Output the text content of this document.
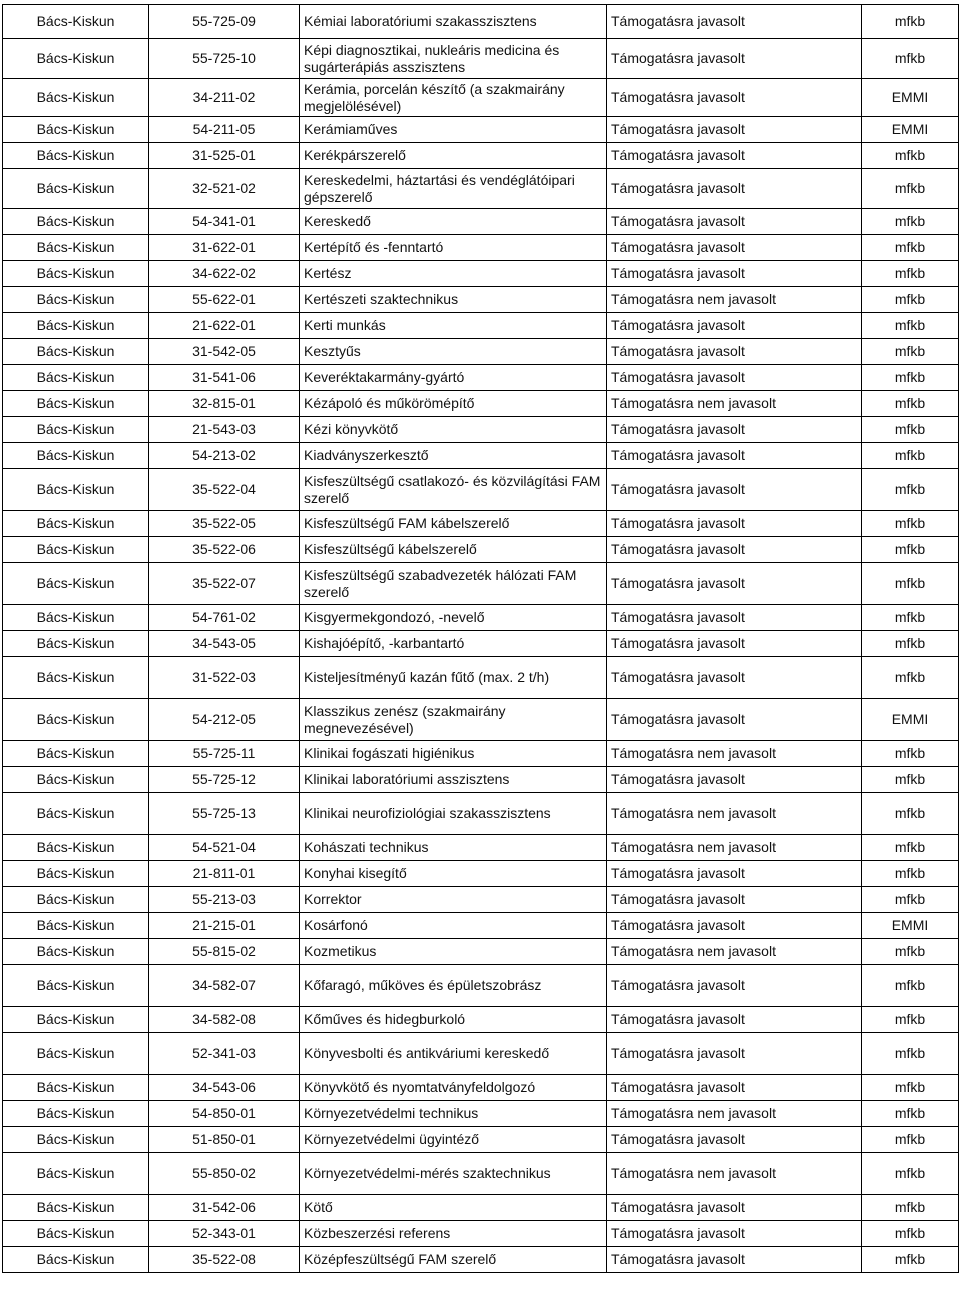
Bács-Kiskun	55-725-09	Kémiai laboratóriumi szakasszisztens	Támogatásra javasolt	mfkb
Bács-Kiskun	55-725-10	Képi diagnosztikai, nukleáris medicina és sugárterápiás asszisztens	Támogatásra javasolt	mfkb
Bács-Kiskun	34-211-02	Kerámia, porcelán készítő (a szakmairány megjelölésével)	Támogatásra javasolt	EMMI
Bács-Kiskun	54-211-05	Kerámiaműves	Támogatásra javasolt	EMMI
Bács-Kiskun	31-525-01	Kerékpárszerelő	Támogatásra javasolt	mfkb
Bács-Kiskun	32-521-02	Kereskedelmi, háztartási és vendéglátóipari gépszerelő	Támogatásra javasolt	mfkb
Bács-Kiskun	54-341-01	Kereskedő	Támogatásra javasolt	mfkb
Bács-Kiskun	31-622-01	Kertépítő és -fenntartó	Támogatásra javasolt	mfkb
Bács-Kiskun	34-622-02	Kertész	Támogatásra javasolt	mfkb
Bács-Kiskun	55-622-01	Kertészeti szaktechnikus	Támogatásra nem javasolt	mfkb
Bács-Kiskun	21-622-01	Kerti munkás	Támogatásra javasolt	mfkb
Bács-Kiskun	31-542-05	Kesztyűs	Támogatásra javasolt	mfkb
Bács-Kiskun	31-541-06	Keveréktakarmány-gyártó	Támogatásra javasolt	mfkb
Bács-Kiskun	32-815-01	Kézápoló és műkörömépítő	Támogatásra nem javasolt	mfkb
Bács-Kiskun	21-543-03	Kézi könyvkötő	Támogatásra javasolt	mfkb
Bács-Kiskun	54-213-02	Kiadványszerkesztő	Támogatásra javasolt	mfkb
Bács-Kiskun	35-522-04	Kisfeszültségű csatlakozó- és közvilágítási FAM szerelő	Támogatásra javasolt	mfkb
Bács-Kiskun	35-522-05	Kisfeszültségű FAM kábelszerelő	Támogatásra javasolt	mfkb
Bács-Kiskun	35-522-06	Kisfeszültségű kábelszerelő	Támogatásra javasolt	mfkb
Bács-Kiskun	35-522-07	Kisfeszültségű szabadvezeték hálózati FAM szerelő	Támogatásra javasolt	mfkb
Bács-Kiskun	54-761-02	Kisgyermekgondozó, -nevelő	Támogatásra javasolt	mfkb
Bács-Kiskun	34-543-05	Kishajóépítő, -karbantartó	Támogatásra javasolt	mfkb
Bács-Kiskun	31-522-03	Kisteljesítményű kazán fűtő (max. 2 t/h)	Támogatásra javasolt	mfkb
Bács-Kiskun	54-212-05	Klasszikus zenész (szakmairány megnevezésével)	Támogatásra javasolt	EMMI
Bács-Kiskun	55-725-11	Klinikai fogászati higiénikus	Támogatásra nem javasolt	mfkb
Bács-Kiskun	55-725-12	Klinikai laboratóriumi asszisztens	Támogatásra javasolt	mfkb
Bács-Kiskun	55-725-13	Klinikai neurofiziológiai szakasszisztens	Támogatásra nem javasolt	mfkb
Bács-Kiskun	54-521-04	Kohászati technikus	Támogatásra nem javasolt	mfkb
Bács-Kiskun	21-811-01	Konyhai kisegítő	Támogatásra javasolt	mfkb
Bács-Kiskun	55-213-03	Korrektor	Támogatásra javasolt	mfkb
Bács-Kiskun	21-215-01	Kosárfonó	Támogatásra javasolt	EMMI
Bács-Kiskun	55-815-02	Kozmetikus	Támogatásra nem javasolt	mfkb
Bács-Kiskun	34-582-07	Kőfaragó, műköves és épületszobrász	Támogatásra javasolt	mfkb
Bács-Kiskun	34-582-08	Kőműves és hidegburkoló	Támogatásra javasolt	mfkb
Bács-Kiskun	52-341-03	Könyvesbolti és antikváriumi kereskedő	Támogatásra javasolt	mfkb
Bács-Kiskun	34-543-06	Könyvkötő és nyomtatványfeldolgozó	Támogatásra javasolt	mfkb
Bács-Kiskun	54-850-01	Környezetvédelmi technikus	Támogatásra nem javasolt	mfkb
Bács-Kiskun	51-850-01	Környezetvédelmi ügyintéző	Támogatásra javasolt	mfkb
Bács-Kiskun	55-850-02	Környezetvédelmi-mérés szaktechnikus	Támogatásra nem javasolt	mfkb
Bács-Kiskun	31-542-06	Kötő	Támogatásra javasolt	mfkb
Bács-Kiskun	52-343-01	Közbeszerzési referens	Támogatásra javasolt	mfkb
Bács-Kiskun	35-522-08	Középfeszültségű FAM szerelő	Támogatásra javasolt	mfkb
